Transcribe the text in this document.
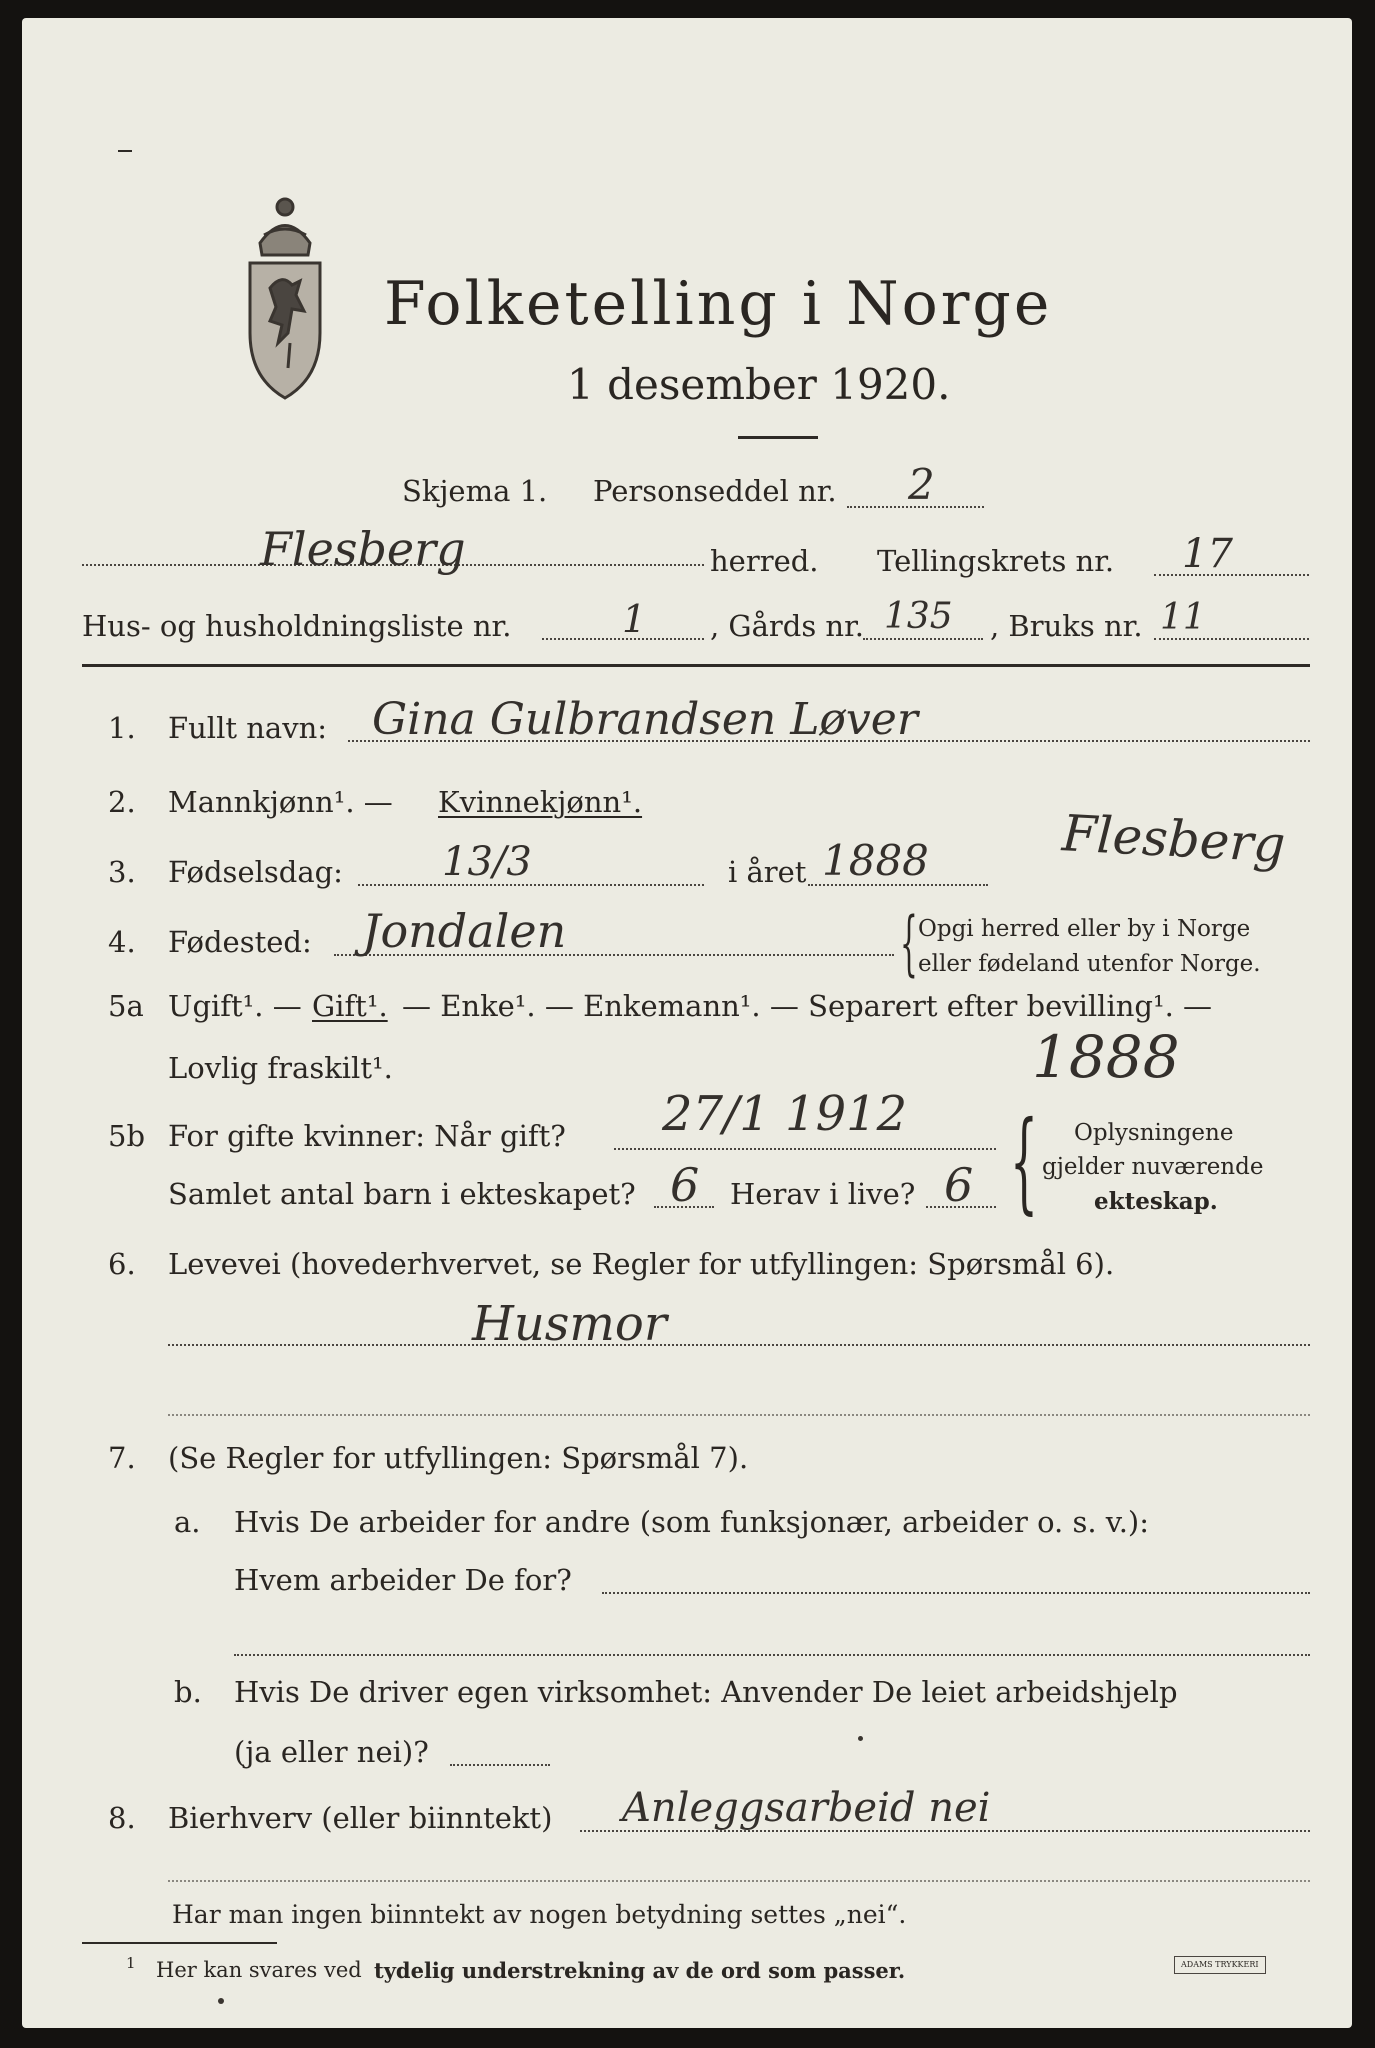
Folketelling i Norge
1 desember 1920.
Skjema 1. Personseddel nr. 2
Flesberg	herred. Tellingskrets nr. 17
Hus- og husholdningsliste nr.	1 , Gårds nr. 135 , Bruks nr. 11
1. Fullt navn: Gina Gulbrandsen Løver
2. Mannkjønn¹. — Kvinnekjønn¹.
3. Fødselsdag: 13/3	i året 1888	Flesberg
4. Fødested: Jondalen	{ Opgi herred eller by i Norge
eller fødeland utenfor Norge.
5a Ugift¹. — Gift¹. — Enke¹. — Enkemann¹. — Separert efter bevilling¹. —
Lovlig fraskilt¹.	1888
5b For gifte kvinner: Når gift? 27/1 1912
Samlet antal barn i ekteskapet? 6 Herav i live? 6 { Oplysningene
gjelder nuværende
ekteskap.
6. Levevei (hovederhvervet, se Regler for utfyllingen: Spørsmål 6).
Husmor
7. (Se Regler for utfyllingen: Spørsmål 7).
a. Hvis De arbeider for andre (som funksjonær, arbeider o. s. v.):
Hvem arbeider De for?
b. Hvis De driver egen virksomhet: Anvender De leiet arbeidshjelp
(ja eller nei)?
8. Bierhverv (eller biinntekt) Anleggsarbeid nei
Har man ingen biinntekt av nogen betydning settes „nei“.
1 Her kan svares ved tydelig understrekning av de ord som passer.	ADAMS TRYKKERI
